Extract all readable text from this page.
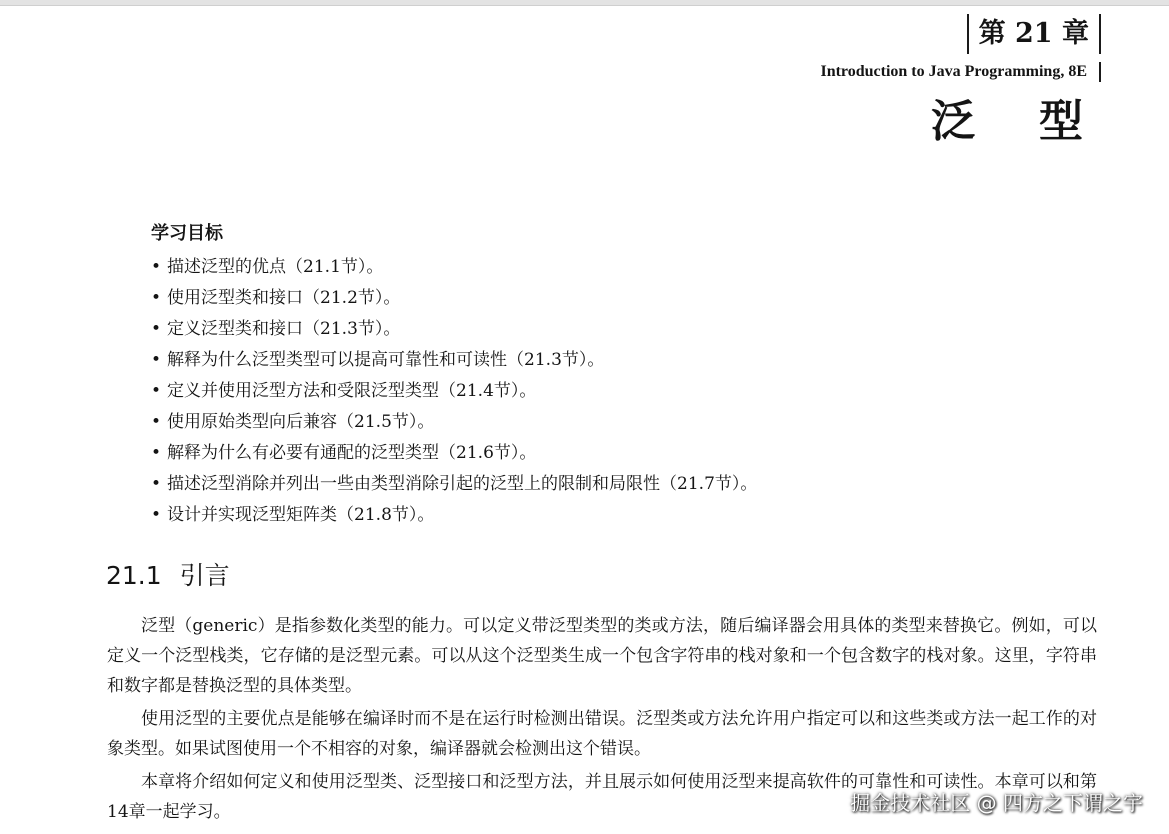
第 21 章
Introduction to Java Programming, 8E
泛型
学习目标
• 描述泛型的优点（21.1节）。
• 使用泛型类和接口（21.2节）。
• 定义泛型类和接口（21.3节）。
• 解释为什么泛型类型可以提高可靠性和可读性（21.3节）。
• 定义并使用泛型方法和受限泛型类型（21.4节）。
• 使用原始类型向后兼容（21.5节）。
• 解释为什么有必要有通配的泛型类型（21.6节）。
• 描述泛型消除并列出一些由类型消除引起的泛型上的限制和局限性（21.7节）。
• 设计并实现泛型矩阵类（21.8节）。
21.1 引言

泛型（generic）是指参数化类型的能力。可以定义带泛型类型的类或方法，随后编译器会用具体的类型来替换它。例如，可以定义一个泛型栈类，它存储的是泛型元素。可以从这个泛型类生成一个包含字符串的栈对象和一个包含数字的栈对象。这里，字符串和数字都是替换泛型的具体类型。

使用泛型的主要优点是能够在编译时而不是在运行时检测出错误。泛型类或方法允许用户指定可以和这些类或方法一起工作的对象类型。如果试图使用一个不相容的对象，编译器就会检测出这个错误。

本章将介绍如何定义和使用泛型类、泛型接口和泛型方法，并且展示如何使用泛型来提高软件的可靠性和可读性。本章可以和第14章一起学习。	掘金技术社区 @ 四方之下谓之宇
